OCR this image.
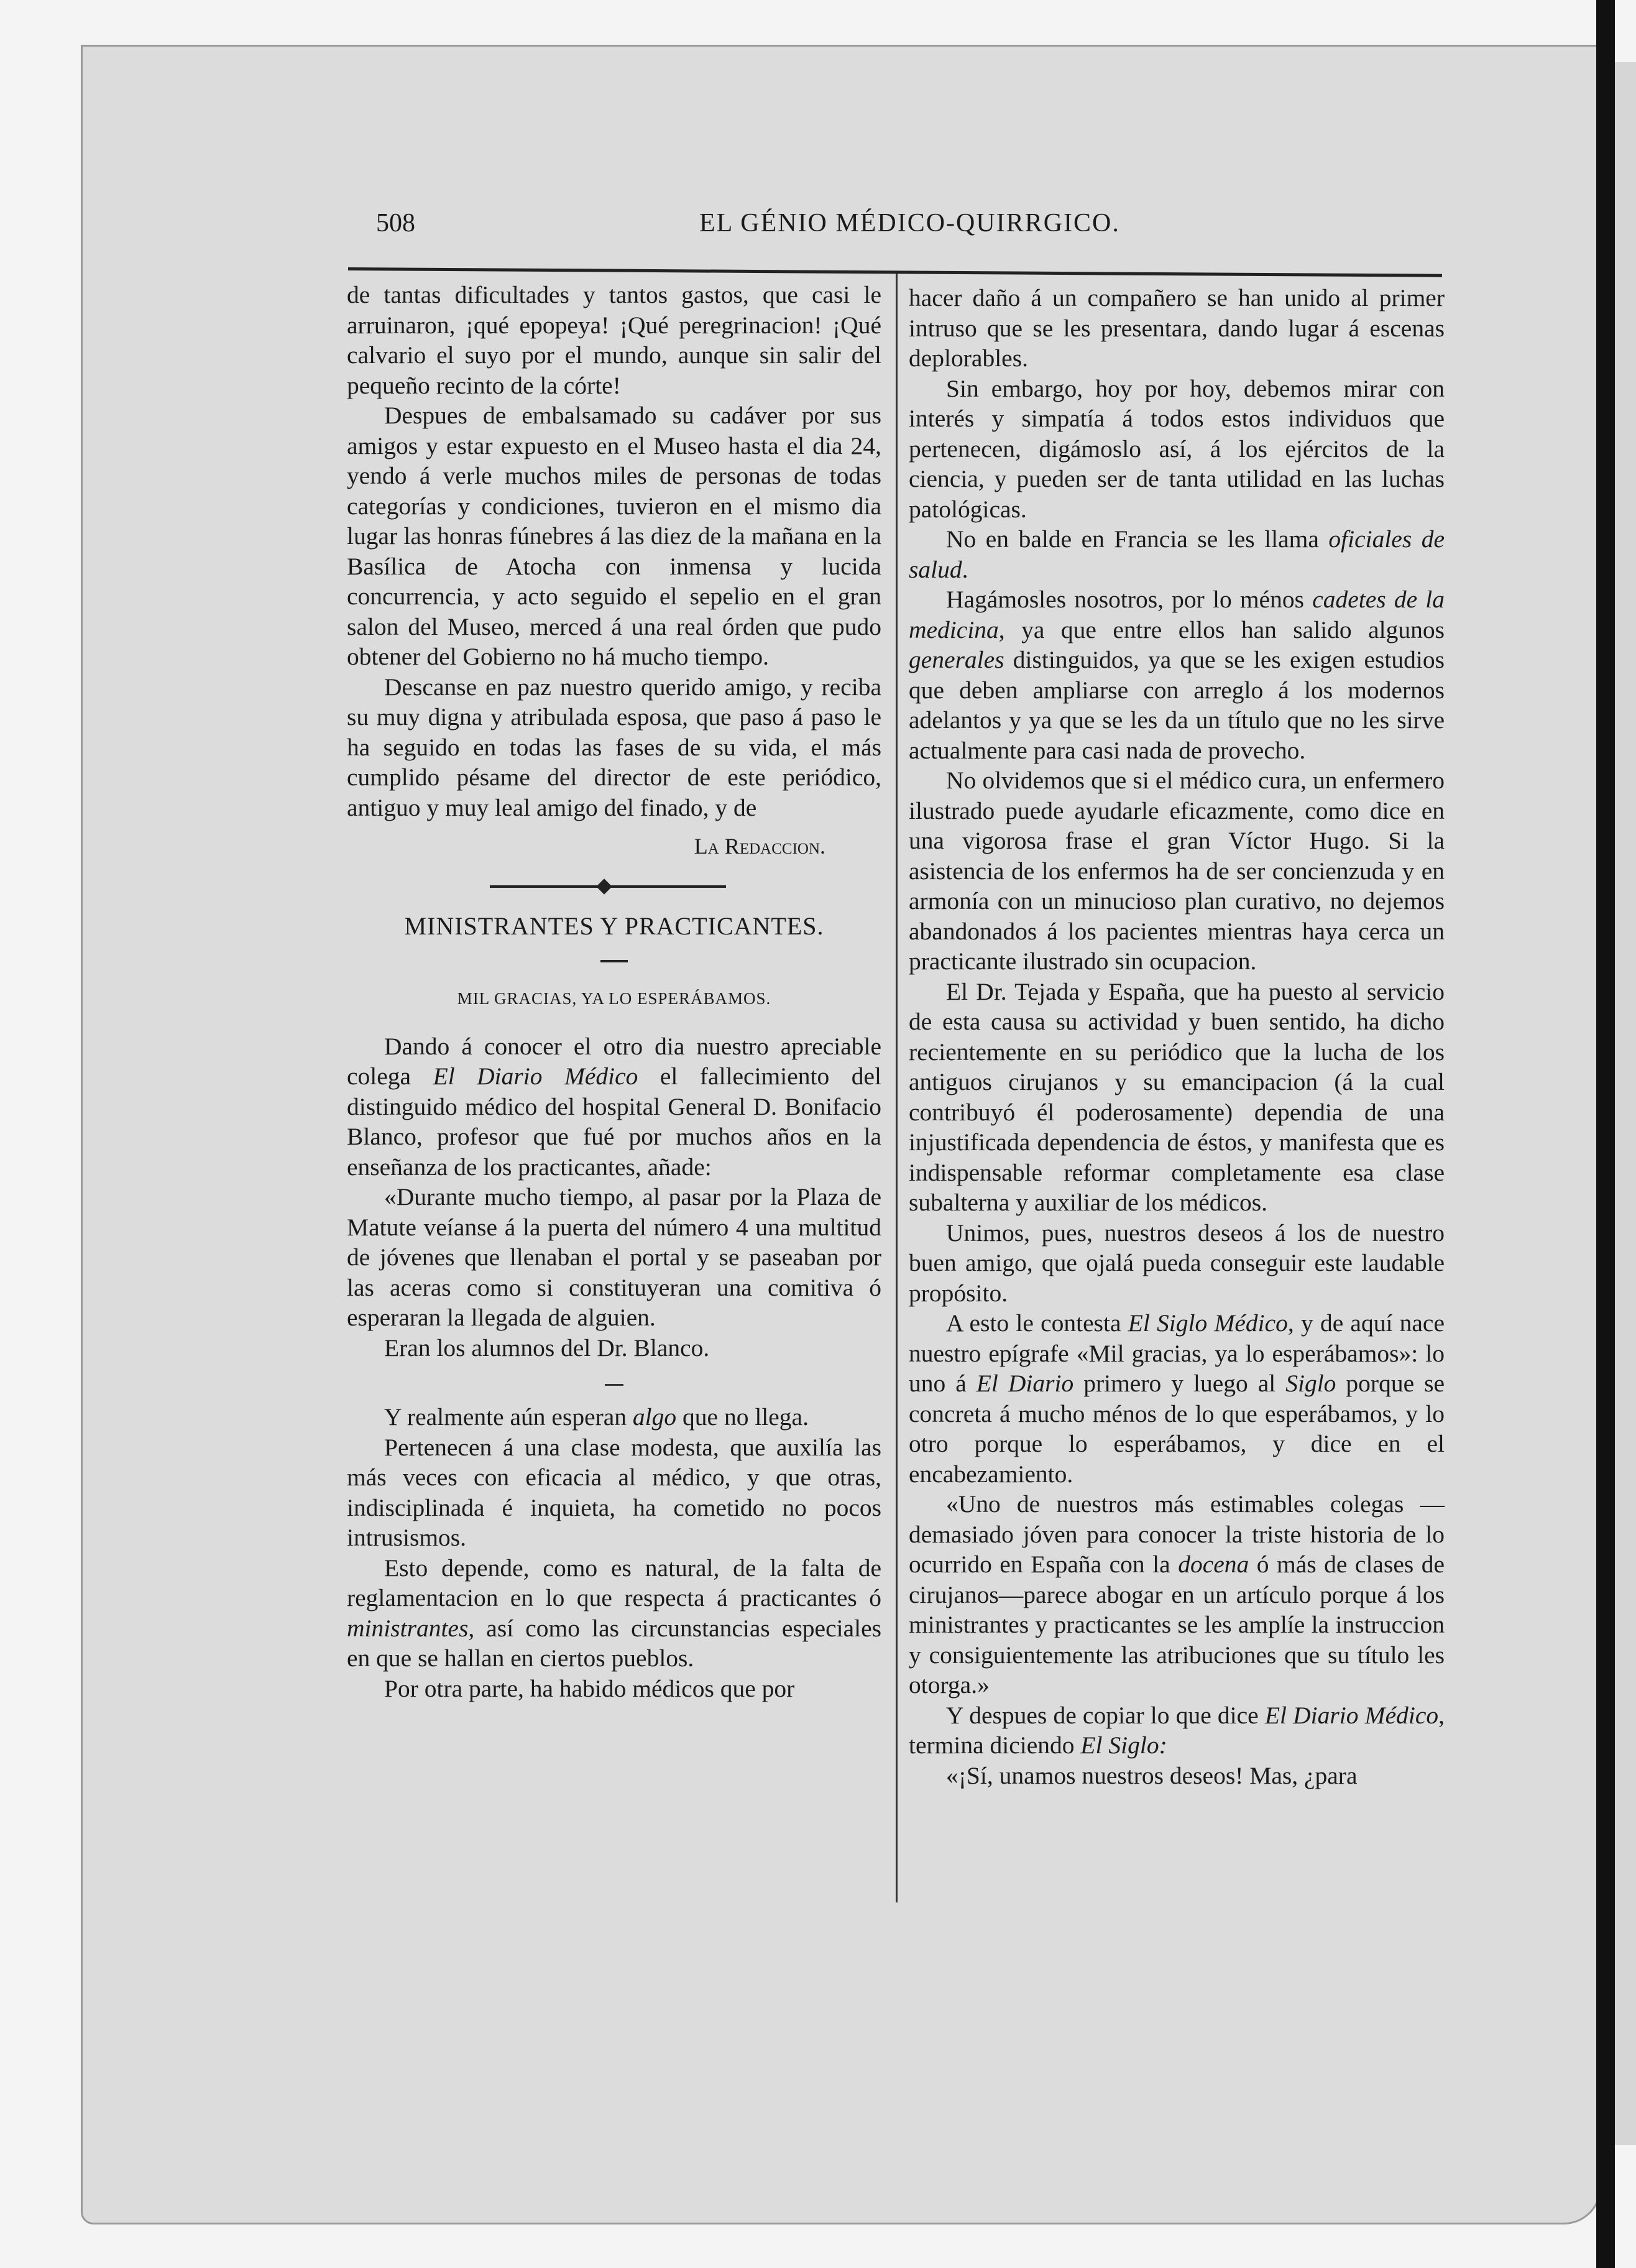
508	EL GÉNIO MÉDICO-QUIRRGICO.

de tantas dificultades y tantos gastos, que casi le arruinaron, ¡qué epopeya! ¡Qué peregrinacion! ¡Qué calvario el suyo por el mundo, aunque sin salir del pequeño recinto de la córte!

Despues de embalsamado su cadáver por sus amigos y estar expuesto en el Museo hasta el dia 24, yendo á verle muchos miles de personas de todas categorías y condiciones, tuvieron en el mismo dia lugar las honras fúnebres á las diez de la mañana en la Basílica de Atocha con inmensa y lucida concurrencia, y acto seguido el sepelio en el gran salon del Museo, merced á una real órden que pudo obtener del Gobierno no há mucho tiempo.

Descanse en paz nuestro querido amigo, y reciba su muy digna y atribulada esposa, que paso á paso le ha seguido en todas las fases de su vida, el más cumplido pésame del director de este periódico, antiguo y muy leal amigo del finado, y de

La Redaccion.
MINISTRANTES Y PRACTICANTES.
MIL GRACIAS, YA LO ESPERÁBAMOS.

Dando á conocer el otro dia nuestro apreciable colega El Diario Médico el fallecimiento del distinguido médico del hospital General D. Bonifacio Blanco, profesor que fué por muchos años en la enseñanza de los practicantes, añade:

«Durante mucho tiempo, al pasar por la Plaza de Matute veíanse á la puerta del número 4 una multitud de jóvenes que llenaban el portal y se paseaban por las aceras como si constituyeran una comitiva ó esperaran la llegada de alguien.

Eran los alumnos del Dr. Blanco.

Y realmente aún esperan algo que no llega.

Pertenecen á una clase modesta, que auxilía las más veces con eficacia al médico, y que otras, indisciplinada é inquieta, ha cometido no pocos intrusismos.

Esto depende, como es natural, de la falta de reglamentacion en lo que respecta á practicantes ó ministrantes, así como las circunstancias especiales en que se hallan en ciertos pueblos.

Por otra parte, ha habido médicos que por

hacer daño á un compañero se han unido al primer intruso que se les presentara, dando lugar á escenas deplorables.

Sin embargo, hoy por hoy, debemos mirar con interés y simpatía á todos estos individuos que pertenecen, digámoslo así, á los ejércitos de la ciencia, y pueden ser de tanta utilidad en las luchas patológicas.

No en balde en Francia se les llama oficiales de salud.

Hagámosles nosotros, por lo ménos cadetes de la medicina, ya que entre ellos han salido algunos generales distinguidos, ya que se les exigen estudios que deben ampliarse con arreglo á los modernos adelantos y ya que se les da un título que no les sirve actualmente para casi nada de provecho.

No olvidemos que si el médico cura, un enfermero ilustrado puede ayudarle eficazmente, como dice en una vigorosa frase el gran Víctor Hugo. Si la asistencia de los enfermos ha de ser concienzuda y en armonía con un minucioso plan curativo, no dejemos abandonados á los pacientes mientras haya cerca un practicante ilustrado sin ocupacion.

El Dr. Tejada y España, que ha puesto al servicio de esta causa su actividad y buen sentido, ha dicho recientemente en su periódico que la lucha de los antiguos cirujanos y su emancipacion (á la cual contribuyó él poderosamente) dependia de una injustificada dependencia de éstos, y manifesta que es indispensable reformar completamente esa clase subalterna y auxiliar de los médicos.

Unimos, pues, nuestros deseos á los de nuestro buen amigo, que ojalá pueda conseguir este laudable propósito.

A esto le contesta El Siglo Médico, y de aquí nace nuestro epígrafe «Mil gracias, ya lo esperábamos»: lo uno á El Diario primero y luego al Siglo porque se concreta á mucho ménos de lo que esperábamos, y lo otro porque lo esperábamos, y dice en el encabezamiento.

«Uno de nuestros más estimables colegas —demasiado jóven para conocer la triste historia de lo ocurrido en España con la docena ó más de clases de cirujanos—parece abogar en un artículo porque á los ministrantes y practicantes se les amplíe la instruccion y consiguientemente las atribuciones que su título les otorga.»

Y despues de copiar lo que dice El Diario Médico, termina diciendo El Siglo:

«¡Sí, unamos nuestros deseos! Mas, ¿para
